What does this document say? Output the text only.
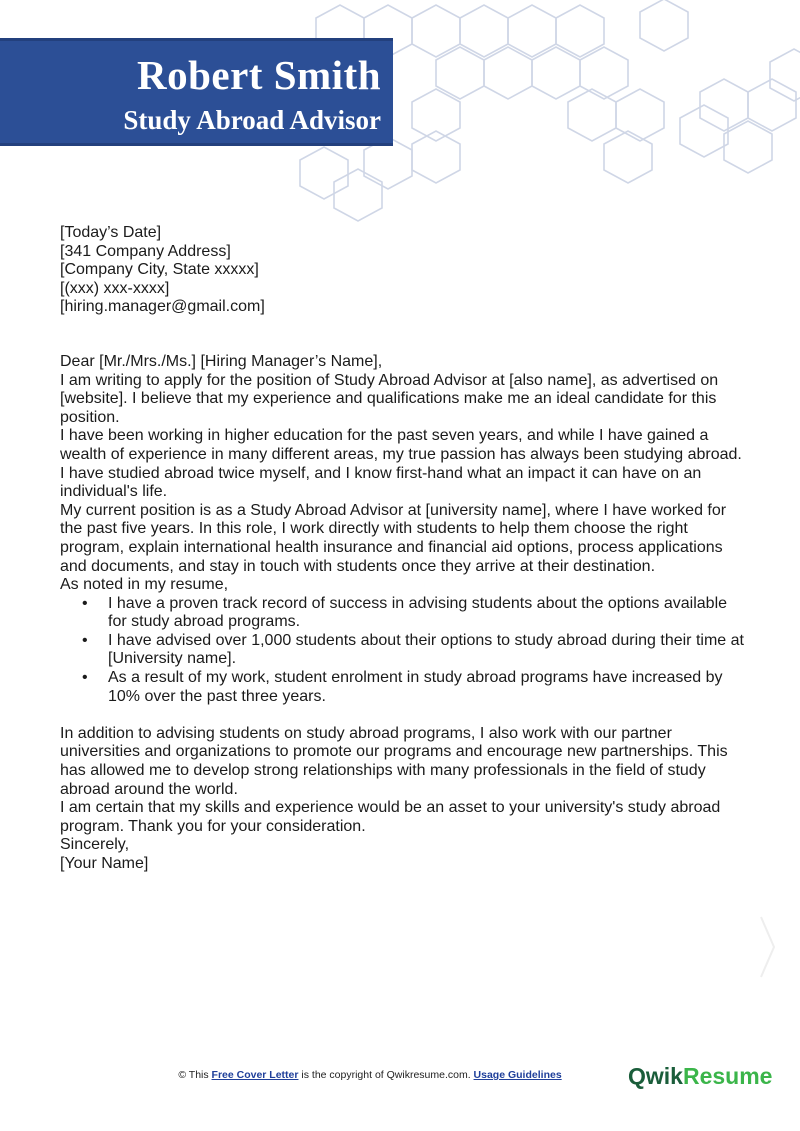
Robert Smith
Study Abroad Advisor

[Today’s Date]

[341 Company Address]

[Company City, State xxxxx]

[(xxx) xxx-xxxx]

[hiring.manager@gmail.com]

Dear [Mr./Mrs./Ms.] [Hiring Manager’s Name],

I am writing to apply for the position of Study Abroad Advisor at [also name], as advertised on [website]. I believe that my experience and qualifications make me an ideal candidate for this position.

I have been working in higher education for the past seven years, and while I have gained a wealth of experience in many different areas, my true passion has always been studying abroad. I have studied abroad twice myself, and I know first-hand what an impact it can have on an individual's life.

My current position is as a Study Abroad Advisor at [university name], where I have worked for the past five years. In this role, I work directly with students to help them choose the right program, explain international health insurance and financial aid options, process applications and documents, and stay in touch with students once they arrive at their destination.

As noted in my resume,

• I have a proven track record of success in advising students about the options available for study abroad programs.
• I have advised over 1,000 students about their options to study abroad during their time at [University name].
• As a result of my work, student enrolment in study abroad programs have increased by 10% over the past three years.

In addition to advising students on study abroad programs, I also work with our partner universities and organizations to promote our programs and encourage new partnerships. This has allowed me to develop strong relationships with many professionals in the field of study abroad around the world.

I am certain that my skills and experience would be an asset to your university's study abroad program. Thank you for your consideration.

Sincerely,

[Your Name]

© This Free Cover Letter is the copyright of Qwikresume.com. Usage Guidelines	QwikResume
